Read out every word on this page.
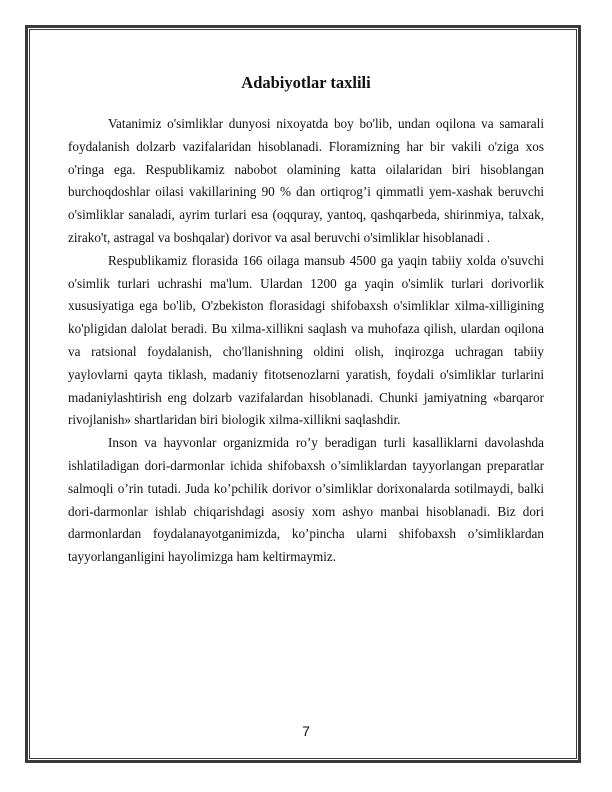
Adabiyotlar taxlili

Vatanimiz o'simliklar dunyosi nixoyatda boy bo'lib, undan oqilona va samarali foydalanish dolzarb vazifalaridan hisoblanadi. Floramizning har bir vakili o'ziga xos o'ringa ega. Respublikamiz nabobot olamining katta oilalaridan biri hisoblangan burchoqdoshlar oilasi vakillarining 90 % dan ortiqrog’i qimmatli yem-xashak beruvchi o'simliklar sanaladi, ayrim turlari esa (oqquray, yantoq, qashqarbeda, shirinmiya, talxak, zirako't, astragal va boshqalar) dorivor va asal beruvchi o'simliklar hisoblanadi .

Respublikamiz florasida 166 oilaga mansub 4500 ga yaqin tabiiy xolda o'suvchi o'simlik turlari uchrashi ma'lum. Ulardan 1200 ga yaqin o'simlik turlari dorivorlik xususiyatiga ega bo'lib, O'zbekiston florasidagi shifobaxsh o'simliklar xilma-xilligining ko'pligidan dalolat beradi. Bu xilma-xillikni saqlash va muhofaza qilish, ulardan oqilona va ratsional foydalanish, cho'llanishning oldini olish, inqirozga uchragan tabiiy yaylovlarni qayta tiklash, madaniy fitotsenozlarni yaratish, foydali o'simliklar turlarini madaniylashtirish eng dolzarb vazifalardan hisoblanadi. Chunki jamiyatning «barqaror rivojlanish» shartlaridan biri biologik xilma-xillikni saqlashdir.

Inson va hayvonlar organizmida ro’y beradigan turli kasalliklarni davolashda ishlatiladigan dori-darmonlar ichida shifobaxsh o’simliklardan tayyorlangan preparatlar salmoqli o’rin tutadi. Juda ko’pchilik dorivor o’simliklar dorixonalarda sotilmaydi, balki dori-darmonlar ishlab chiqarishdagi asosiy xom ashyo manbai hisoblanadi. Biz dori darmonlardan foydalanayotganimizda, ko’pincha ularni shifobaxsh o’simliklardan tayyorlanganligini hayolimizga ham keltirmaymiz.

7
